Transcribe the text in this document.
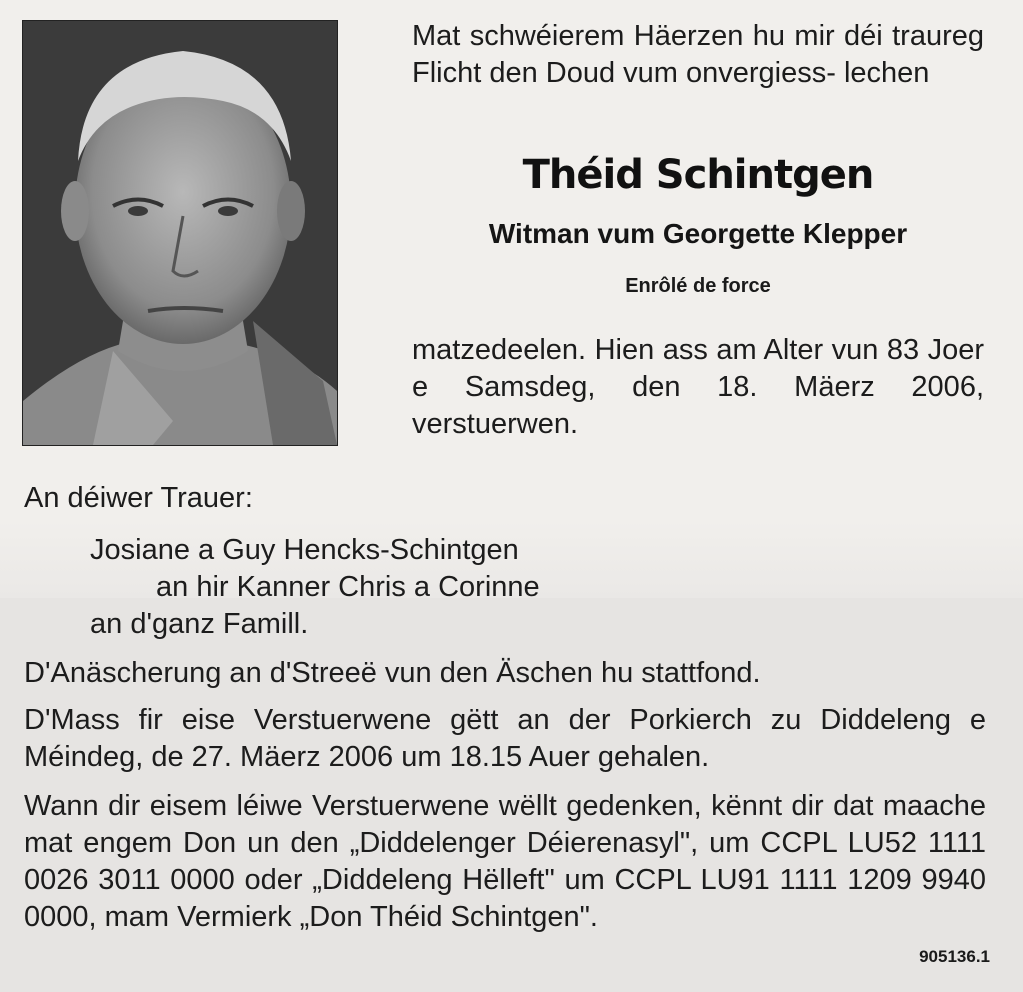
Mat schwéierem Häerzen hu mir déi traureg Flicht den Doud vum onvergiess- lechen
Théid Schintgen
Witman vum Georgette Klepper
Enrôlé de force
matzedeelen. Hien ass am Alter vun 83 Joer e Samsdeg, den 18. Mäerz 2006, verstuerwen.
An déiwer Trauer:
Josiane a Guy Hencks-Schintgen
an hir Kanner Chris a Corinne
an d'ganz Famill.
D'Anäscherung an d'Streeë vun den Äschen hu stattfond.
D'Mass fir eise Verstuerwene gëtt an der Porkierch zu Diddeleng e Méindeg, de 27. Mäerz 2006 um 18.15 Auer gehalen.
Wann dir eisem léiwe Verstuerwene wëllt gedenken, kënnt dir dat maache mat engem Don un den „Diddelenger Déierenasyl", um CCPL LU52 1111 0026 3011 0000 oder „Diddeleng Hëlleft" um CCPL LU91 1111 1209 9940 0000, mam Vermierk „Don Théid Schintgen".
905136.1
